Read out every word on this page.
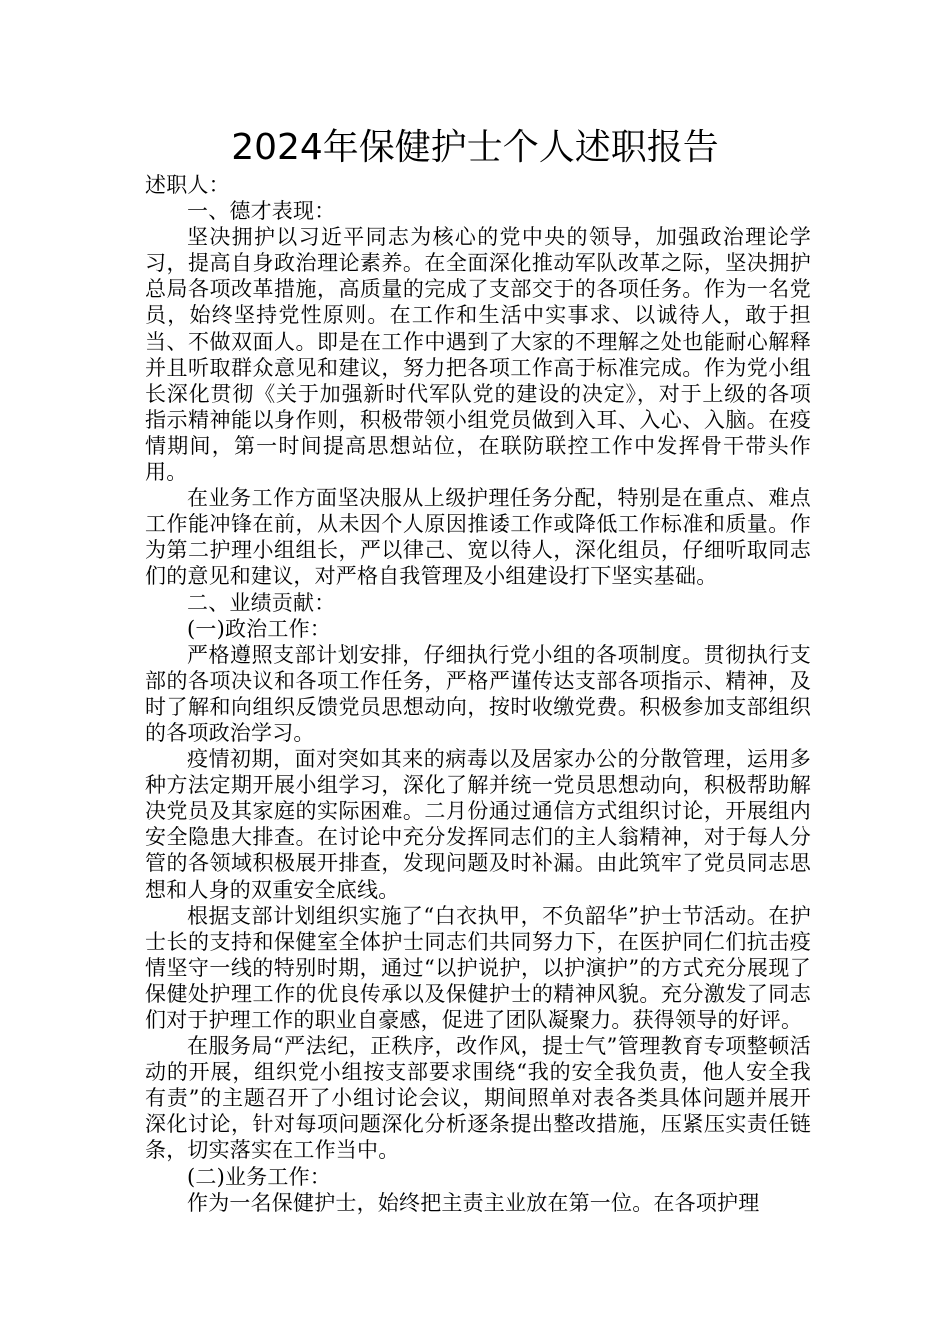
2024年保健护士个人述职报告

述职人：

一、德才表现：

坚决拥护以习近平同志为核心的党中央的领导，加强政治理论学习，提高自身政治理论素养。在全面深化推动军队改革之际，坚决拥护总局各项改革措施，高质量的完成了支部交于的各项任务。作为一名党员，始终坚持党性原则。在工作和生活中实事求、以诚待人，敢于担当、不做双面人。即是在工作中遇到了大家的不理解之处也能耐心解释并且听取群众意见和建议，努力把各项工作高于标准完成。作为党小组长深化贯彻《关于加强新时代军队党的建设的决定》，对于上级的各项指示精神能以身作则，积极带领小组党员做到入耳、入心、入脑。在疫情期间，第一时间提高思想站位，在联防联控工作中发挥骨干带头作用。

在业务工作方面坚决服从上级护理任务分配，特别是在重点、难点工作能冲锋在前，从未因个人原因推诿工作或降低工作标准和质量。作为第二护理小组组长，严以律己、宽以待人，深化组员，仔细听取同志们的意见和建议，对严格自我管理及小组建设打下坚实基础。

二、业绩贡献：

(一)政治工作：

严格遵照支部计划安排，仔细执行党小组的各项制度。贯彻执行支部的各项决议和各项工作任务，严格严谨传达支部各项指示、精神，及时了解和向组织反馈党员思想动向，按时收缴党费。积极参加支部组织的各项政治学习。

疫情初期，面对突如其来的病毒以及居家办公的分散管理，运用多种方法定期开展小组学习，深化了解并统一党员思想动向，积极帮助解决党员及其家庭的实际困难。二月份通过通信方式组织讨论，开展组内安全隐患大排查。在讨论中充分发挥同志们的主人翁精神，对于每人分管的各领域积极展开排查，发现问题及时补漏。由此筑牢了党员同志思想和人身的双重安全底线。

根据支部计划组织实施了“白衣执甲，不负韶华”护士节活动。在护士长的支持和保健室全体护士同志们共同努力下，在医护同仁们抗击疫情坚守一线的特别时期，通过“以护说护，以护演护”的方式充分展现了保健处护理工作的优良传承以及保健护士的精神风貌。充分激发了同志们对于护理工作的职业自豪感，促进了团队凝聚力。获得领导的好评。

在服务局“严法纪，正秩序，改作风，提士气”管理教育专项整顿活动的开展，组织党小组按支部要求围绕“我的安全我负责，他人安全我有责”的主题召开了小组讨论会议，期间照单对表各类具体问题并展开深化讨论，针对每项问题深化分析逐条提出整改措施，压紧压实责任链条，切实落实在工作当中。

(二)业务工作：

作为一名保健护士，始终把主责主业放在第一位。在各项护理
